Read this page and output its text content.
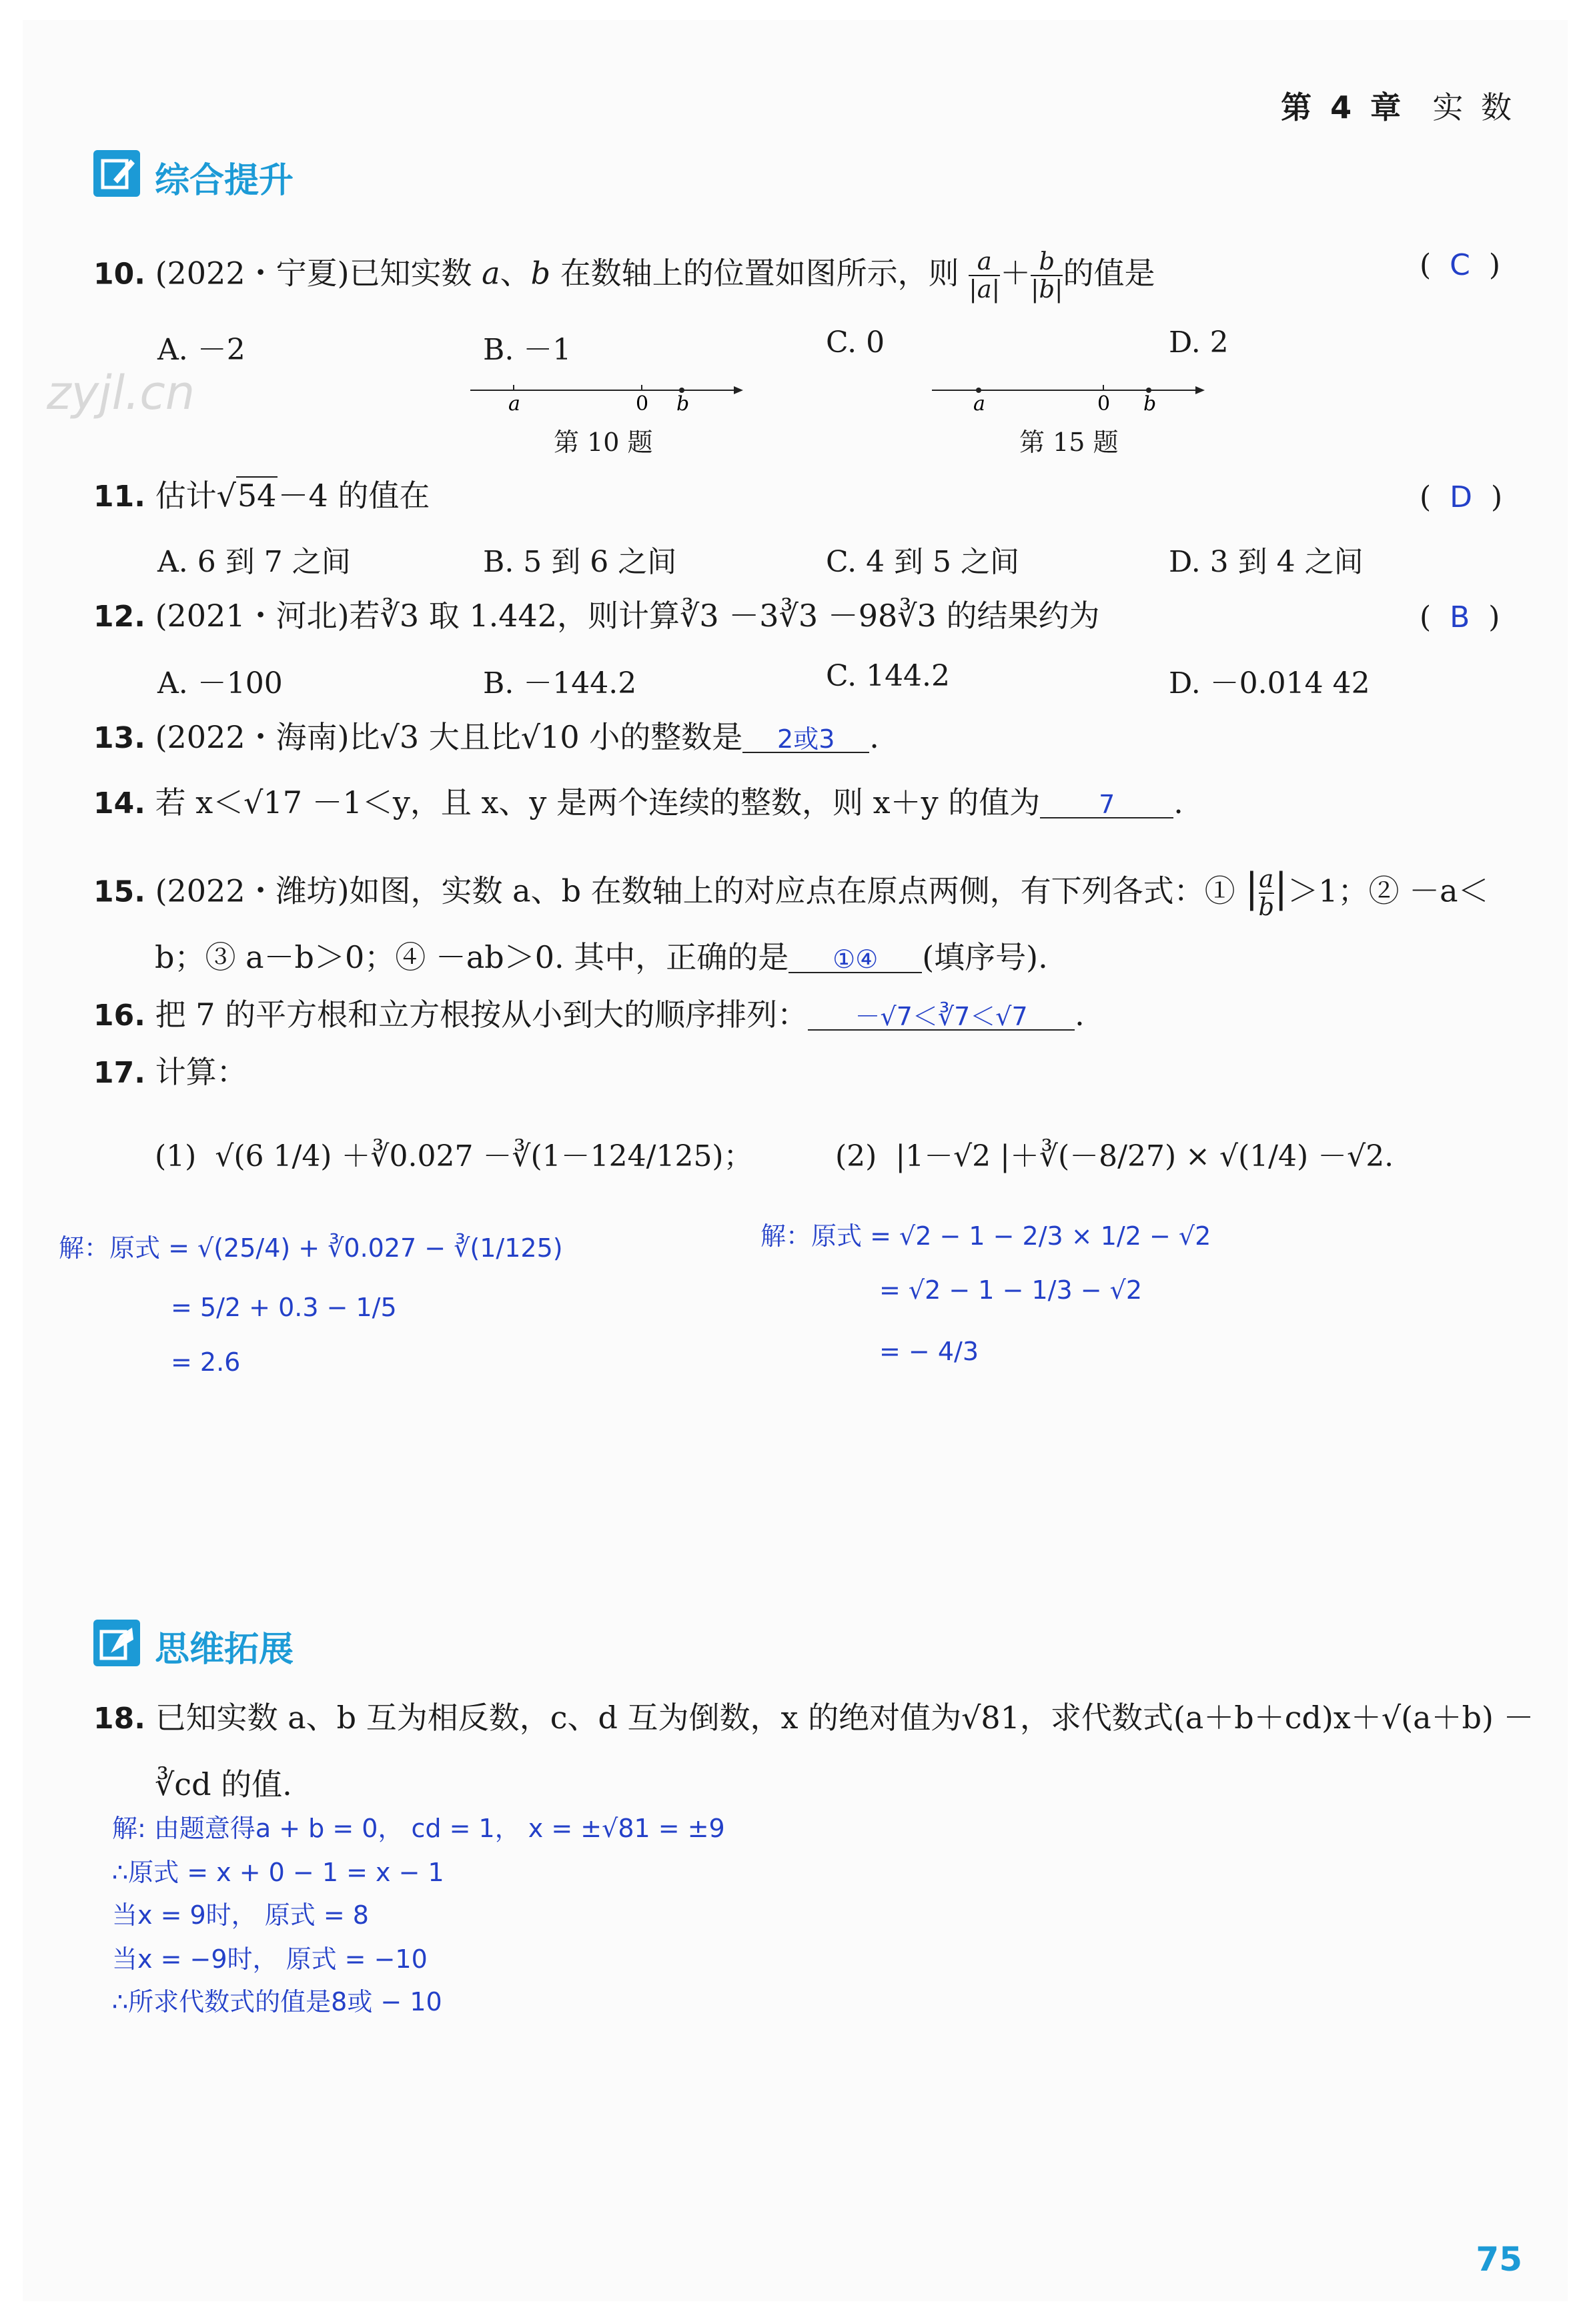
第 4 章 实 数
zyjl.cn
综合提升
10. (2022・宁夏)已知实数 a、b 在数轴上的位置如图所示，则 $\frac{a}{|a|} + \frac{b}{|b|}$ 的值是	(  C  )
A. －2	B. －1	C. 0	D. 2
a	0 b
第 10 题
a	0 b
第 15 题
11. 估计√54－4 的值在	(  D  )
A. 6 到 7 之间	B. 5 到 6 之间	C. 4 到 5 之间	D. 3 到 4 之间
12. (2021・河北)若∛3 取 1.442，则计算∛3 －3∛3 －98∛3 的结果约为	(  B  )
A. －100	B. －144.2	C. 144.2	D. －0.014 42
13. (2022・海南)比√3 大且比√10 小的整数是 2或3 .
14. 若 x＜√17 －1＜y，且 x、y 是两个连续的整数，则 x＋y 的值为 7 .
15. (2022・潍坊)如图，实数 a、b 在数轴上的对应点在原点两侧，有下列各式：① | $\frac{a}{b} |>1$；② －a＜
b；③ a－b＞0；④ －ab＞0. 其中，正确的是 ①④ (填序号).
16. 把 7 的平方根和立方根按从小到大的顺序排列： －√7＜∛7＜√7 .
17. 计算：
(1) √(6 1/4) ＋∛0.027 －∛(1－124/125)；	(2) |1－√2 |＋∛(－8/27) × √(1/4) －√2.
解：原式 = √(25/4) + ∛0.027 − ∛(1/125)
= 5/2 + 0.3 − 1/5
= 2.6
解：原式 = √2 − 1 − 2/3 × 1/2 − √2
= √2 − 1 − 1/3 − √2
= − 4/3
思维拓展
18. 已知实数 a、b 互为相反数，c、d 互为倒数，x 的绝对值为√81，求代数式(a＋b＋cd)x＋√(a＋b) －
∛cd 的值.
解: 由题意得a + b = 0， cd = 1， x = ±√81 = ±9
∴原式 = x + 0 − 1 = x − 1
当x = 9时， 原式 = 8
当x = −9时， 原式 = −10
∴所求代数式的值是8或 − 10
75
